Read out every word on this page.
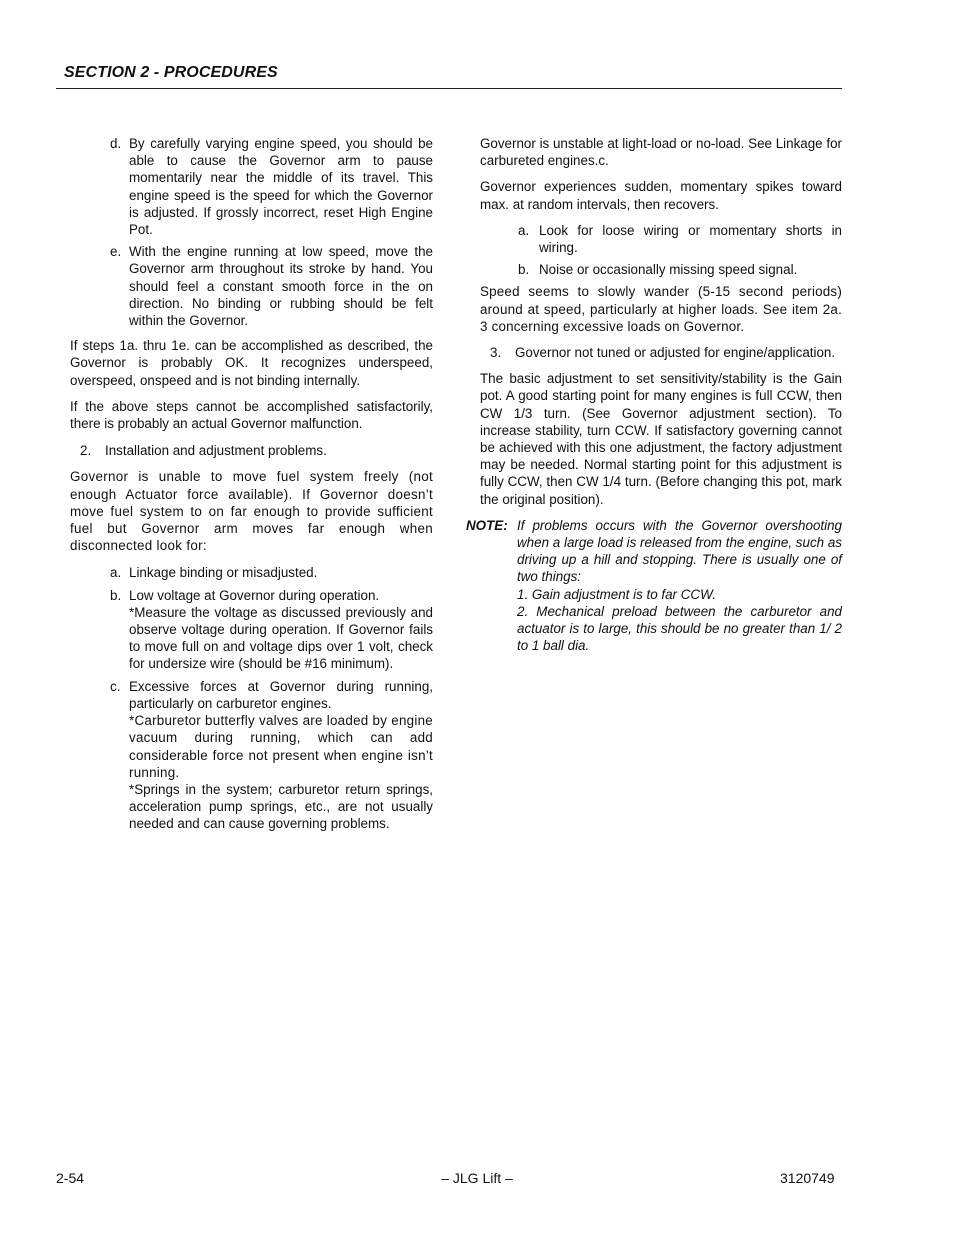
SECTION 2 - PROCEDURES
d. By carefully varying engine speed, you should be able to cause the Governor arm to pause momentarily near the middle of its travel. This engine speed is the speed for which the Governor is adjusted. If grossly incorrect, reset High Engine Pot.
e. With the engine running at low speed, move the Governor arm throughout its stroke by hand. You should feel a constant smooth force in the on direction. No binding or rubbing should be felt within the Governor.

If steps 1a. thru 1e. can be accomplished as described, the Governor is probably OK. It recognizes underspeed, overspeed, onspeed and is not binding internally.

If the above steps cannot be accomplished satisfactorily, there is probably an actual Governor malfunction.

2. Installation and adjustment problems.

Governor is unable to move fuel system freely (not enough Actuator force available). If Governor doesn’t move fuel system to on far enough to provide sufficient fuel but Governor arm moves far enough when disconnected look for:

a. Linkage binding or misadjusted.
b. Low voltage at Governor during operation.
*Measure the voltage as discussed previously and observe voltage during operation. If Governor fails to move full on and voltage dips over 1 volt, check for undersize wire (should be #16 minimum).
c. Excessive forces at Governor during running, particularly on carburetor engines.
*Carburetor butterfly valves are loaded by engine vacuum during running, which can add considerable force not present when engine isn’t running.
*Springs in the system; carburetor return springs, acceleration pump springs, etc., are not usually needed and can cause governing problems.

Governor is unstable at light-load or no-load. See Linkage for carbureted engines.c.

Governor experiences sudden, momentary spikes toward max. at random intervals, then recovers.

a. Look for loose wiring or momentary shorts in wiring.
b. Noise or occasionally missing speed signal.

Speed seems to slowly wander (5-15 second periods) around at speed, particularly at higher loads. See item 2a. 3 concerning excessive loads on Governor.

3. Governor not tuned or adjusted for engine/application.

The basic adjustment to set sensitivity/stability is the Gain pot. A good starting point for many engines is full CCW, then CW 1/3 turn. (See Governor adjustment section). To increase stability, turn CCW. If satisfactory governing cannot be achieved with this one adjustment, the factory adjustment may be needed. Normal starting point for this adjustment is fully CCW, then CW 1/4 turn. (Before changing this pot, mark the original position).

NOTE: If problems occurs with the Governor overshooting when a large load is released from the engine, such as driving up a hill and stopping. There is usually one of two things:
1. Gain adjustment is to far CCW.
2. Mechanical preload between the carburetor and actuator is to large, this should be no greater than 1/ 2 to 1 ball dia.
2-54	– JLG Lift –	3120749
